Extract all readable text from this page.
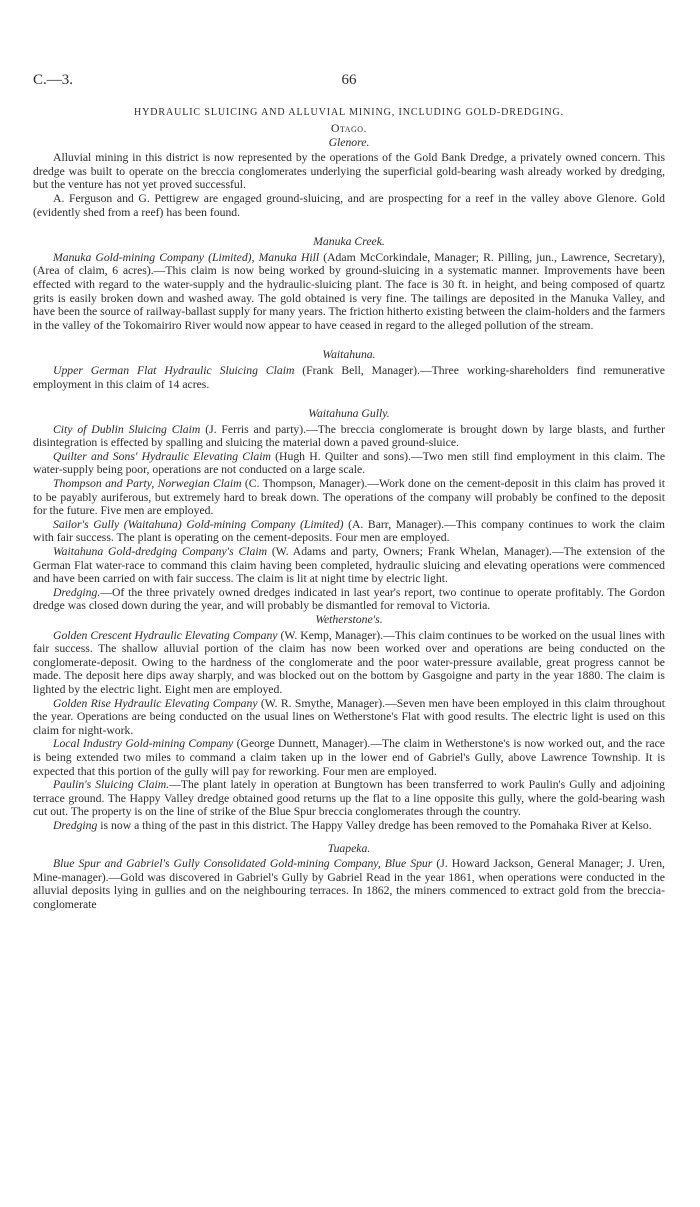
C.—3.	66
HYDRAULIC SLUICING AND ALLUVIAL MINING, INCLUDING GOLD-DREDGING.

Otago.

Glenore.

Alluvial mining in this district is now represented by the operations of the Gold Bank Dredge, a privately owned concern. This dredge was built to operate on the breccia conglomerates underlying the superficial gold-bearing wash already worked by dredging, but the venture has not yet proved successful.

A. Ferguson and G. Pettigrew are engaged ground-sluicing, and are prospecting for a reef in the valley above Glenore. Gold (evidently shed from a reef) has been found.

Manuka Creek.

Manuka Gold-mining Company (Limited), Manuka Hill (Adam McCorkindale, Manager; R. Pilling, jun., Lawrence, Secretary), (Area of claim, 6 acres).—This claim is now being worked by ground-sluicing in a systematic manner. Improvements have been effected with regard to the water-supply and the hydraulic-sluicing plant. The face is 30 ft. in height, and being composed of quartz grits is easily broken down and washed away. The gold obtained is very fine. The tailings are deposited in the Manuka Valley, and have been the source of railway-ballast supply for many years. The friction hitherto existing between the claim-holders and the farmers in the valley of the Tokomairiro River would now appear to have ceased in regard to the alleged pollution of the stream.

Waitahuna.

Upper German Flat Hydraulic Sluicing Claim (Frank Bell, Manager).—Three working-shareholders find remunerative employment in this claim of 14 acres.

Waitahuna Gully.

City of Dublin Sluicing Claim (J. Ferris and party).—The breccia conglomerate is brought down by large blasts, and further disintegration is effected by spalling and sluicing the material down a paved ground-sluice.

Quilter and Sons' Hydraulic Elevating Claim (Hugh H. Quilter and sons).—Two men still find employment in this claim. The water-supply being poor, operations are not conducted on a large scale.

Thompson and Party, Norwegian Claim (C. Thompson, Manager).—Work done on the cement-deposit in this claim has proved it to be payably auriferous, but extremely hard to break down. The operations of the company will probably be confined to the deposit for the future. Five men are employed.

Sailor's Gully (Waitahuna) Gold-mining Company (Limited) (A. Barr, Manager).—This company continues to work the claim with fair success. The plant is operating on the cement-deposits. Four men are employed.

Waitahuna Gold-dredging Company's Claim (W. Adams and party, Owners; Frank Whelan, Manager).—The extension of the German Flat water-race to command this claim having been completed, hydraulic sluicing and elevating operations were commenced and have been carried on with fair success. The claim is lit at night time by electric light.

Dredging.—Of the three privately owned dredges indicated in last year's report, two continue to operate profitably. The Gordon dredge was closed down during the year, and will probably be dismantled for removal to Victoria.

Wetherstone's.

Golden Crescent Hydraulic Elevating Company (W. Kemp, Manager).—This claim continues to be worked on the usual lines with fair success. The shallow alluvial portion of the claim has now been worked over and operations are being conducted on the conglomerate-deposit. Owing to the hardness of the conglomerate and the poor water-pressure available, great progress cannot be made. The deposit here dips away sharply, and was blocked out on the bottom by Gasgoigne and party in the year 1880. The claim is lighted by the electric light. Eight men are employed.

Golden Rise Hydraulic Elevating Company (W. R. Smythe, Manager).—Seven men have been employed in this claim throughout the year. Operations are being conducted on the usual lines on Wetherstone's Flat with good results. The electric light is used on this claim for night-work.

Local Industry Gold-mining Company (George Dunnett, Manager).—The claim in Wetherstone's is now worked out, and the race is being extended two miles to command a claim taken up in the lower end of Gabriel's Gully, above Lawrence Township. It is expected that this portion of the gully will pay for reworking. Four men are employed.

Paulin's Sluicing Claim.—The plant lately in operation at Bungtown has been transferred to work Paulin's Gully and adjoining terrace ground. The Happy Valley dredge obtained good returns up the flat to a line opposite this gully, where the gold-bearing wash cut out. The property is on the line of strike of the Blue Spur breccia conglomerates through the country.

Dredging is now a thing of the past in this district. The Happy Valley dredge has been removed to the Pomahaka River at Kelso.

Tuapeka.

Blue Spur and Gabriel's Gully Consolidated Gold-mining Company, Blue Spur (J. Howard Jackson, General Manager; J. Uren, Mine-manager).—Gold was discovered in Gabriel's Gully by Gabriel Read in the year 1861, when operations were conducted in the alluvial deposits lying in gullies and on the neighbouring terraces. In 1862, the miners commenced to extract gold from the breccia-conglomerate
